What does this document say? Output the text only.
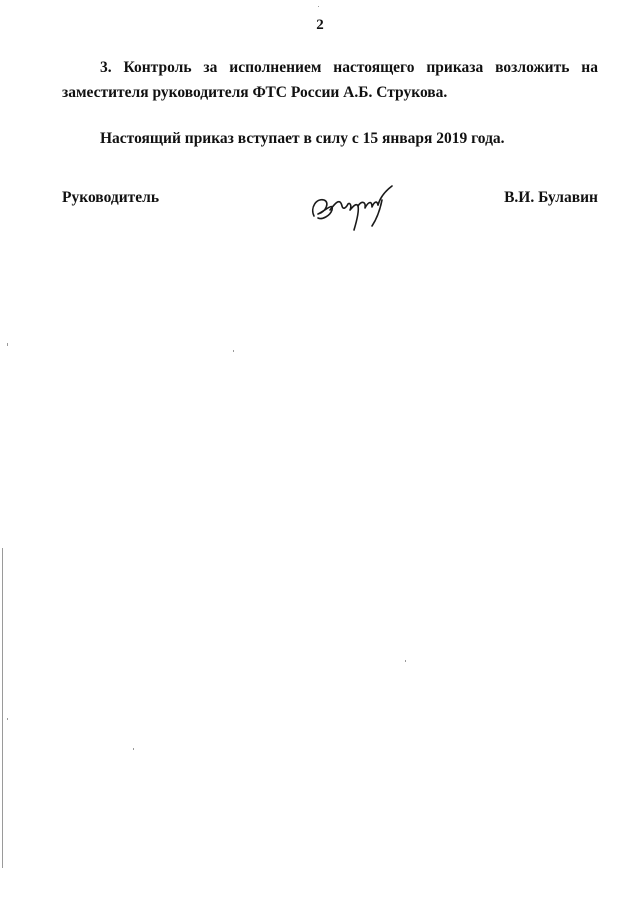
2
3. Контроль за исполнением настоящего приказа возложить на заместителя руководителя ФТС России А.Б. Струкова.
Настоящий приказ вступает в силу с 15 января 2019 года.
Руководитель	В.И. Булавин
